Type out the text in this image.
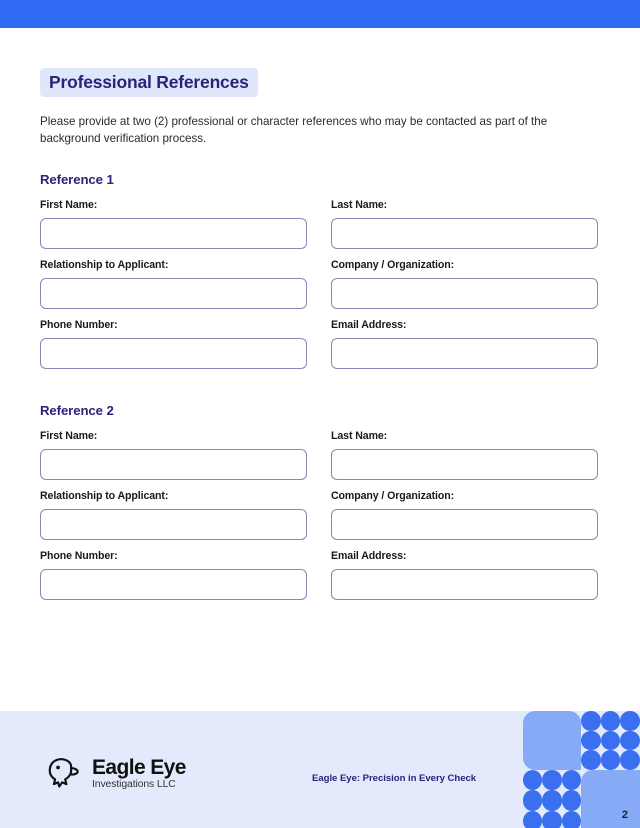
Professional References

Please provide at two (2) professional or character references who may be contacted as part of the background verification process.

Reference 1
First Name:	Last Name:
Relationship to Applicant:	Company / Organization:
Phone Number:	Email Address:
Reference 2
First Name:	Last Name:
Relationship to Applicant:	Company / Organization:
Phone Number:	Email Address:
Eagle Eye
Investigations LLC
Eagle Eye: Precision in Every Check
2
